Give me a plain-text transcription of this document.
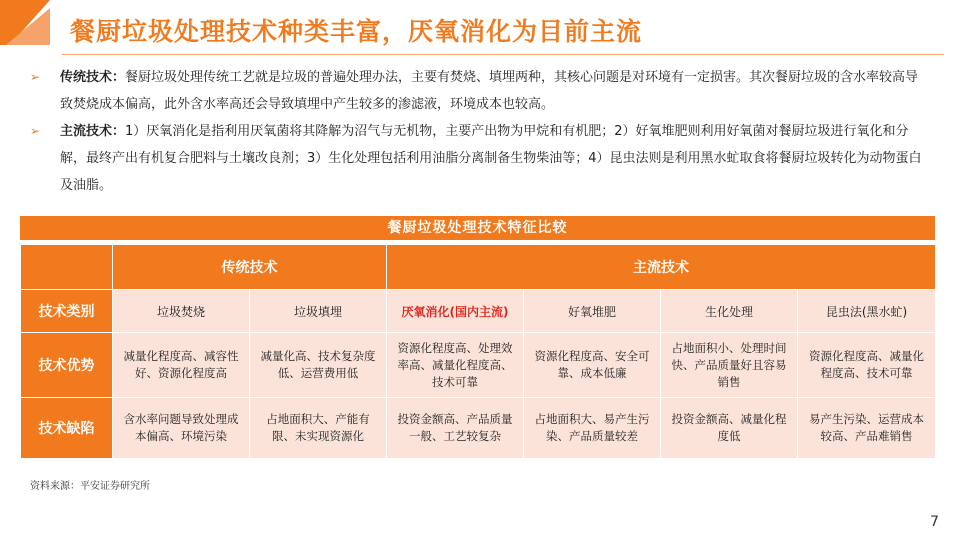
餐厨垃圾处理技术种类丰富，厌氧消化为目前主流
➢ 传统技术：餐厨垃圾处理传统工艺就是垃圾的普遍处理办法，主要有焚烧、填埋两种，其核心问题是对环境有一定损害。其次餐厨垃圾的含水率较高导致焚烧成本偏高，此外含水率高还会导致填埋中产生较多的渗滤液，环境成本也较高。
➢ 主流技术：1）厌氧消化是指利用厌氧菌将其降解为沼气与无机物，主要产出物为甲烷和有机肥；2）好氧堆肥则利用好氧菌对餐厨垃圾进行氧化和分解，最终产出有机复合肥料与土壤改良剂；3）生化处理包括利用油脂分离制备生物柴油等；4）昆虫法则是利用黑水虻取食将餐厨垃圾转化为动物蛋白及油脂。
餐厨垃圾处理技术特征比较
	传统技术		主流技术			
技术类别	垃圾焚烧	垃圾填埋	厌氧消化(国内主流)	好氧堆肥	生化处理	昆虫法(黑水虻)
技术优势	减量化程度高、减容性好、资源化程度高	减量化高、技术复杂度低、运营费用低	资源化程度高、处理效率高、减量化程度高、技术可靠	资源化程度高、安全可靠、成本低廉	占地面积小、处理时间快、产品质量好且容易销售	资源化程度高、减量化程度高、技术可靠
技术缺陷	含水率问题导致处理成本偏高、环境污染	占地面积大、产能有限、未实现资源化	投资金额高、产品质量一般、工艺较复杂	占地面积大、易产生污染、产品质量较差	投资金额高、减量化程度低	易产生污染、运营成本较高、产品难销售
资料来源：平安证券研究所
7
